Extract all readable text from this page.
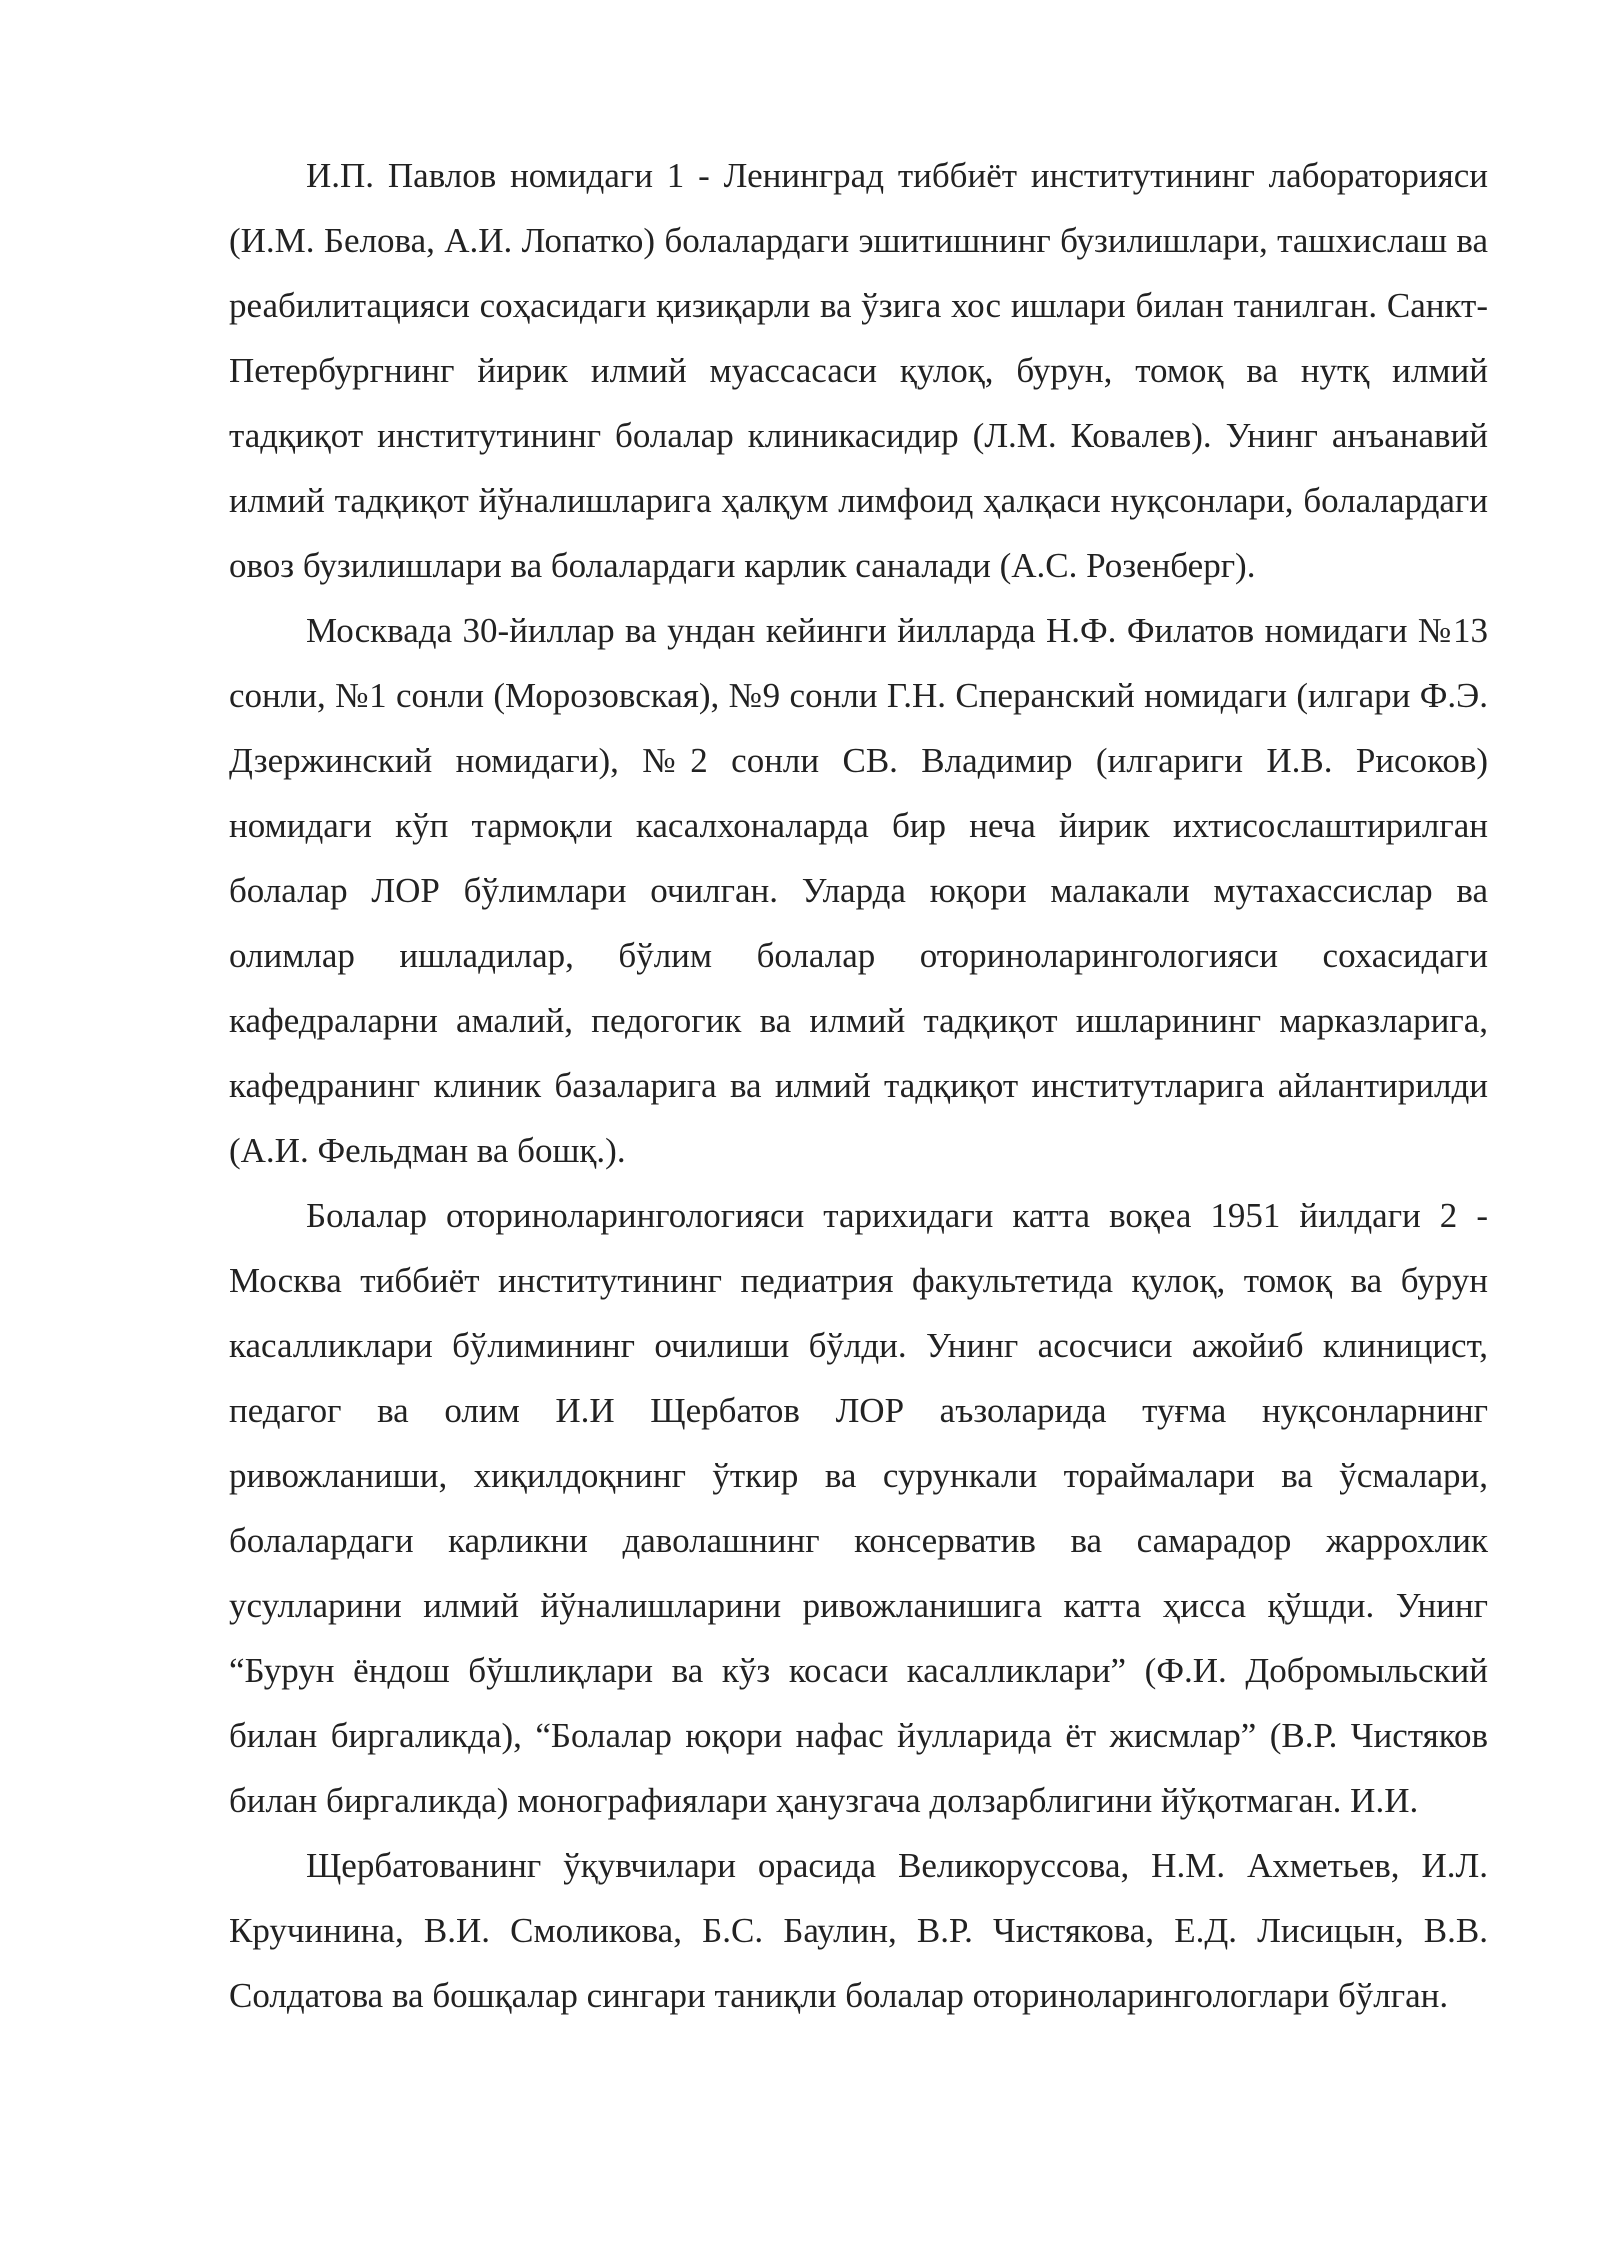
И.П. Павлов номидаги 1 - Ленинград тиббиёт институтининг лабораторияси (И.М. Белова, А.И. Лопатко) болалардаги эшитишнинг бузилишлари, ташхислаш ва реабилитацияси соҳасидаги қизиқарли ва ўзига хос ишлари билан танилган. Санкт-Петербургнинг йирик илмий муассасаси қулоқ, бурун, томоқ ва нутқ илмий тадқиқот институтининг болалар клиникасидир (Л.М. Ковалев). Унинг анъанавий илмий тадқиқот йўналишларига ҳалқум лимфоид ҳалқаси нуқсонлари, болалардаги овоз бузилишлари ва болалардаги карлик саналади (А.С. Розенберг).

Москвада 30-йиллар ва ундан кейинги йилларда Н.Ф. Филатов номидаги №13 сонли, №1 сонли (Морозовская), №9 сонли Г.Н. Сперанский номидаги (илгари Ф.Э. Дзержинский номидаги), №2 сонли СВ. Владимир (илгариги И.В. Рисоков) номидаги кўп тармоқли касалхоналарда бир неча йирик ихтисослаштирилган болалар ЛОР бўлимлари очилган. Уларда юқори малакали мутахассислар ва олимлар ишладилар, бўлим болалар оториноларингологияси сохасидаги кафедраларни амалий, педогогик ва илмий тадқиқот ишларининг марказларига, кафедранинг клиник базаларига ва илмий тадқиқот институтларига айлантирилди (А.И. Фельдман ва бошқ.).

Болалар оториноларингологияси тарихидаги катта воқеа 1951 йилдаги 2 - Москва тиббиёт институтининг педиатрия факультетида қулоқ, томоқ ва бурун касалликлари бўлимининг очилиши бўлди. Унинг асосчиси ажойиб клиницист, педагог ва олим И.И Щербатов ЛОР аъзоларида туғма нуқсонларнинг ривожланиши, хиқилдоқнинг ўткир ва сурункали торaймалари ва ўсмалари, болалардаги карликни даволашнинг консерватив ва самарадор жаррохлик усулларини илмий йўналишларини ривожланишига катта ҳисса қўшди. Унинг “Бурун ёндош бўшлиқлари ва кўз косаси касалликлари” (Ф.И. Добромыльский билан биргаликда), “Болалар юқори нафас йулларида ёт жисмлар” (В.Р. Чистяков билан биргаликда) монографиялари ҳанузгача долзарблигини йўқотмаган. И.И.

Щербатованинг ўқувчилари орасида Великоруссова, Н.М. Ахметьев, И.Л. Кручинина, В.И. Смоликова, Б.С. Баулин, В.Р. Чистякова, Е.Д. Лисицын, В.В. Солдатова ва бошқалар сингари таниқли болалар оториноларингологлари бўлган.
